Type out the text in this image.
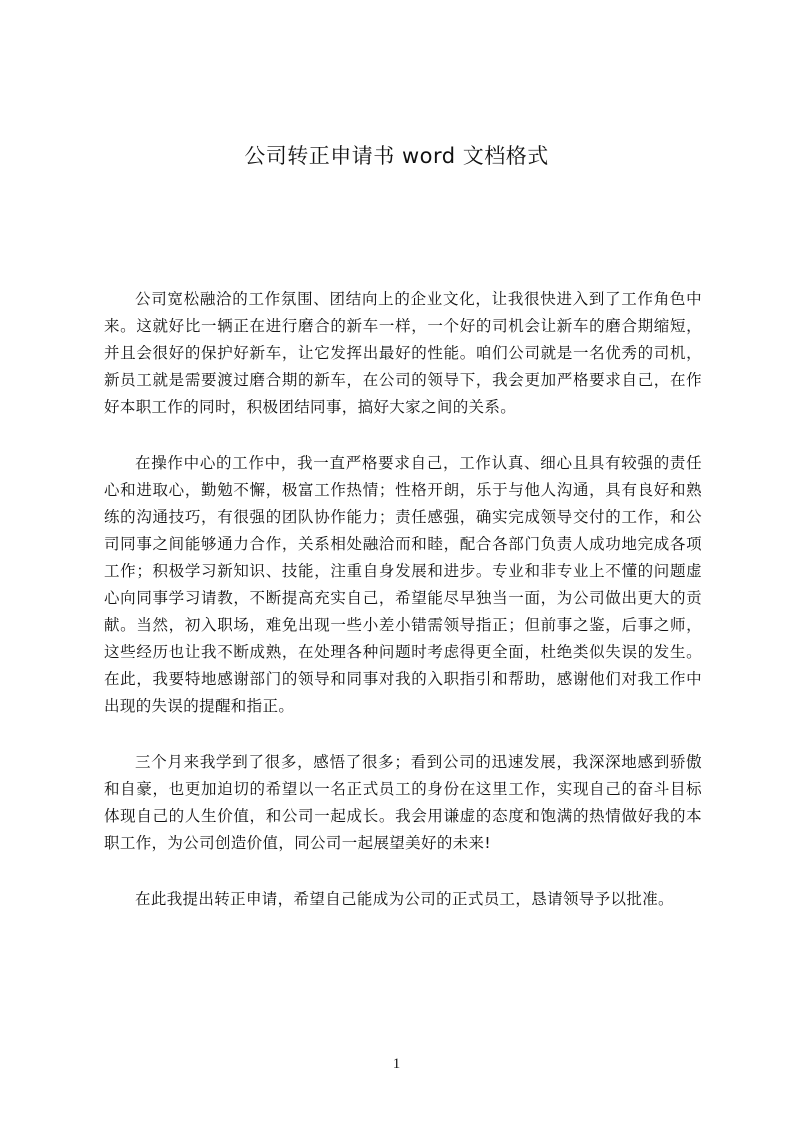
公司转正申请书 word 文档格式

公司宽松融洽的工作氛围、团结向上的企业文化，让我很快进入到了工作角色中来。这就好比一辆正在进行磨合的新车一样，一个好的司机会让新车的磨合期缩短，并且会很好的保护好新车，让它发挥出最好的性能。咱们公司就是一名优秀的司机，新员工就是需要渡过磨合期的新车，在公司的领导下，我会更加严格要求自己，在作好本职工作的同时，积极团结同事，搞好大家之间的关系。

在操作中心的工作中，我一直严格要求自己，工作认真、细心且具有较强的责任心和进取心，勤勉不懈，极富工作热情；性格开朗，乐于与他人沟通，具有良好和熟练的沟通技巧，有很强的团队协作能力；责任感强，确实完成领导交付的工作，和公司同事之间能够通力合作，关系相处融洽而和睦，配合各部门负责人成功地完成各项工作；积极学习新知识、技能，注重自身发展和进步。专业和非专业上不懂的问题虚心向同事学习请教，不断提高充实自己，希望能尽早独当一面，为公司做出更大的贡献。当然，初入职场，难免出现一些小差小错需领导指正；但前事之鉴，后事之师，这些经历也让我不断成熟，在处理各种问题时考虑得更全面，杜绝类似失误的发生。在此，我要特地感谢部门的领导和同事对我的入职指引和帮助，感谢他们对我工作中出现的失误的提醒和指正。

三个月来我学到了很多，感悟了很多；看到公司的迅速发展，我深深地感到骄傲和自豪，也更加迫切的希望以一名正式员工的身份在这里工作，实现自己的奋斗目标体现自己的人生价值，和公司一起成长。我会用谦虚的态度和饱满的热情做好我的本职工作，为公司创造价值，同公司一起展望美好的未来!

在此我提出转正申请，希望自己能成为公司的正式员工，恳请领导予以批准。

1
